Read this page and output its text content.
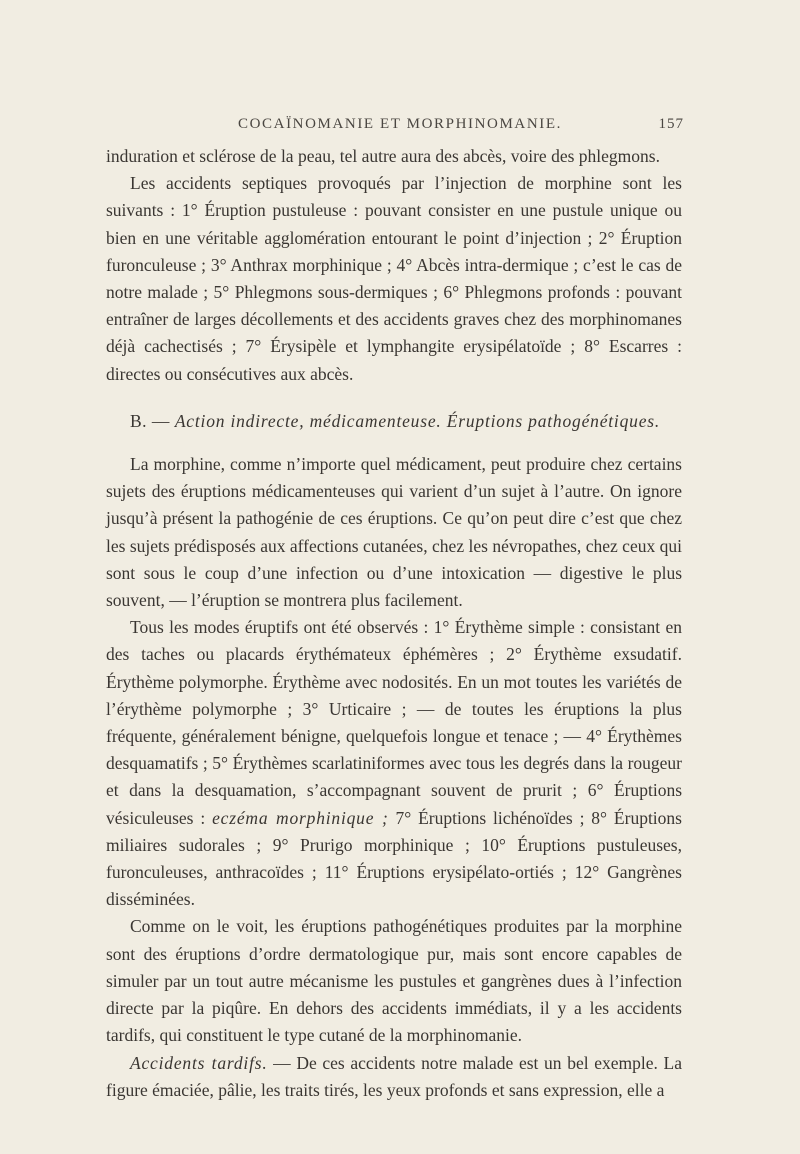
COCAÏNOMANIE ET MORPHINOMANIE.	157

induration et sclérose de la peau, tel autre aura des abcès, voire des phlegmons.

Les accidents septiques provoqués par l’injection de morphine sont les suivants : 1° Éruption pustuleuse : pouvant consister en une pustule unique ou bien en une véritable agglomération entourant le point d’injection ; 2° Éruption furonculeuse ; 3° Anthrax morphinique ; 4° Abcès intra-dermique ; c’est le cas de notre malade ; 5° Phlegmons sous-dermiques ; 6° Phlegmons profonds : pouvant entraîner de larges décollements et des accidents graves chez des morphinomanes déjà cachectisés ; 7° Érysipèle et lymphangite erysipélatoïde ; 8° Escarres : directes ou consécutives aux abcès.

B. — Action indirecte, médicamenteuse. Éruptions pathogénétiques.

La morphine, comme n’importe quel médicament, peut produire chez certains sujets des éruptions médicamenteuses qui varient d’un sujet à l’autre. On ignore jusqu’à présent la pathogénie de ces éruptions. Ce qu’on peut dire c’est que chez les sujets prédisposés aux affections cutanées, chez les névropathes, chez ceux qui sont sous le coup d’une infection ou d’une intoxication — digestive le plus souvent, — l’éruption se montrera plus facilement.

Tous les modes éruptifs ont été observés : 1° Érythème simple : consistant en des taches ou placards érythémateux éphémères ; 2° Érythème exsudatif. Érythème polymorphe. Érythème avec nodosités. En un mot toutes les variétés de l’érythème polymorphe ; 3° Urticaire ; — de toutes les éruptions la plus fréquente, généralement bénigne, quelquefois longue et tenace ; — 4° Érythèmes desquamatifs ; 5° Érythèmes scarlatiniformes avec tous les degrés dans la rougeur et dans la desquamation, s’accompagnant souvent de prurit ; 6° Éruptions vésiculeuses : eczéma morphinique ; 7° Éruptions lichénoïdes ; 8° Éruptions miliaires sudorales ; 9° Prurigo morphinique ; 10° Éruptions pustuleuses, furonculeuses, anthracoïdes ; 11° Éruptions erysipélato-ortiés ; 12° Gangrènes disséminées.

Comme on le voit, les éruptions pathogénétiques produites par la morphine sont des éruptions d’ordre dermatologique pur, mais sont encore capables de simuler par un tout autre mécanisme les pustules et gangrènes dues à l’infection directe par la piqûre. En dehors des accidents immédiats, il y a les accidents tardifs, qui constituent le type cutané de la morphinomanie.

Accidents tardifs. — De ces accidents notre malade est un bel exemple. La figure émaciée, pâlie, les traits tirés, les yeux profonds et sans expression, elle a
